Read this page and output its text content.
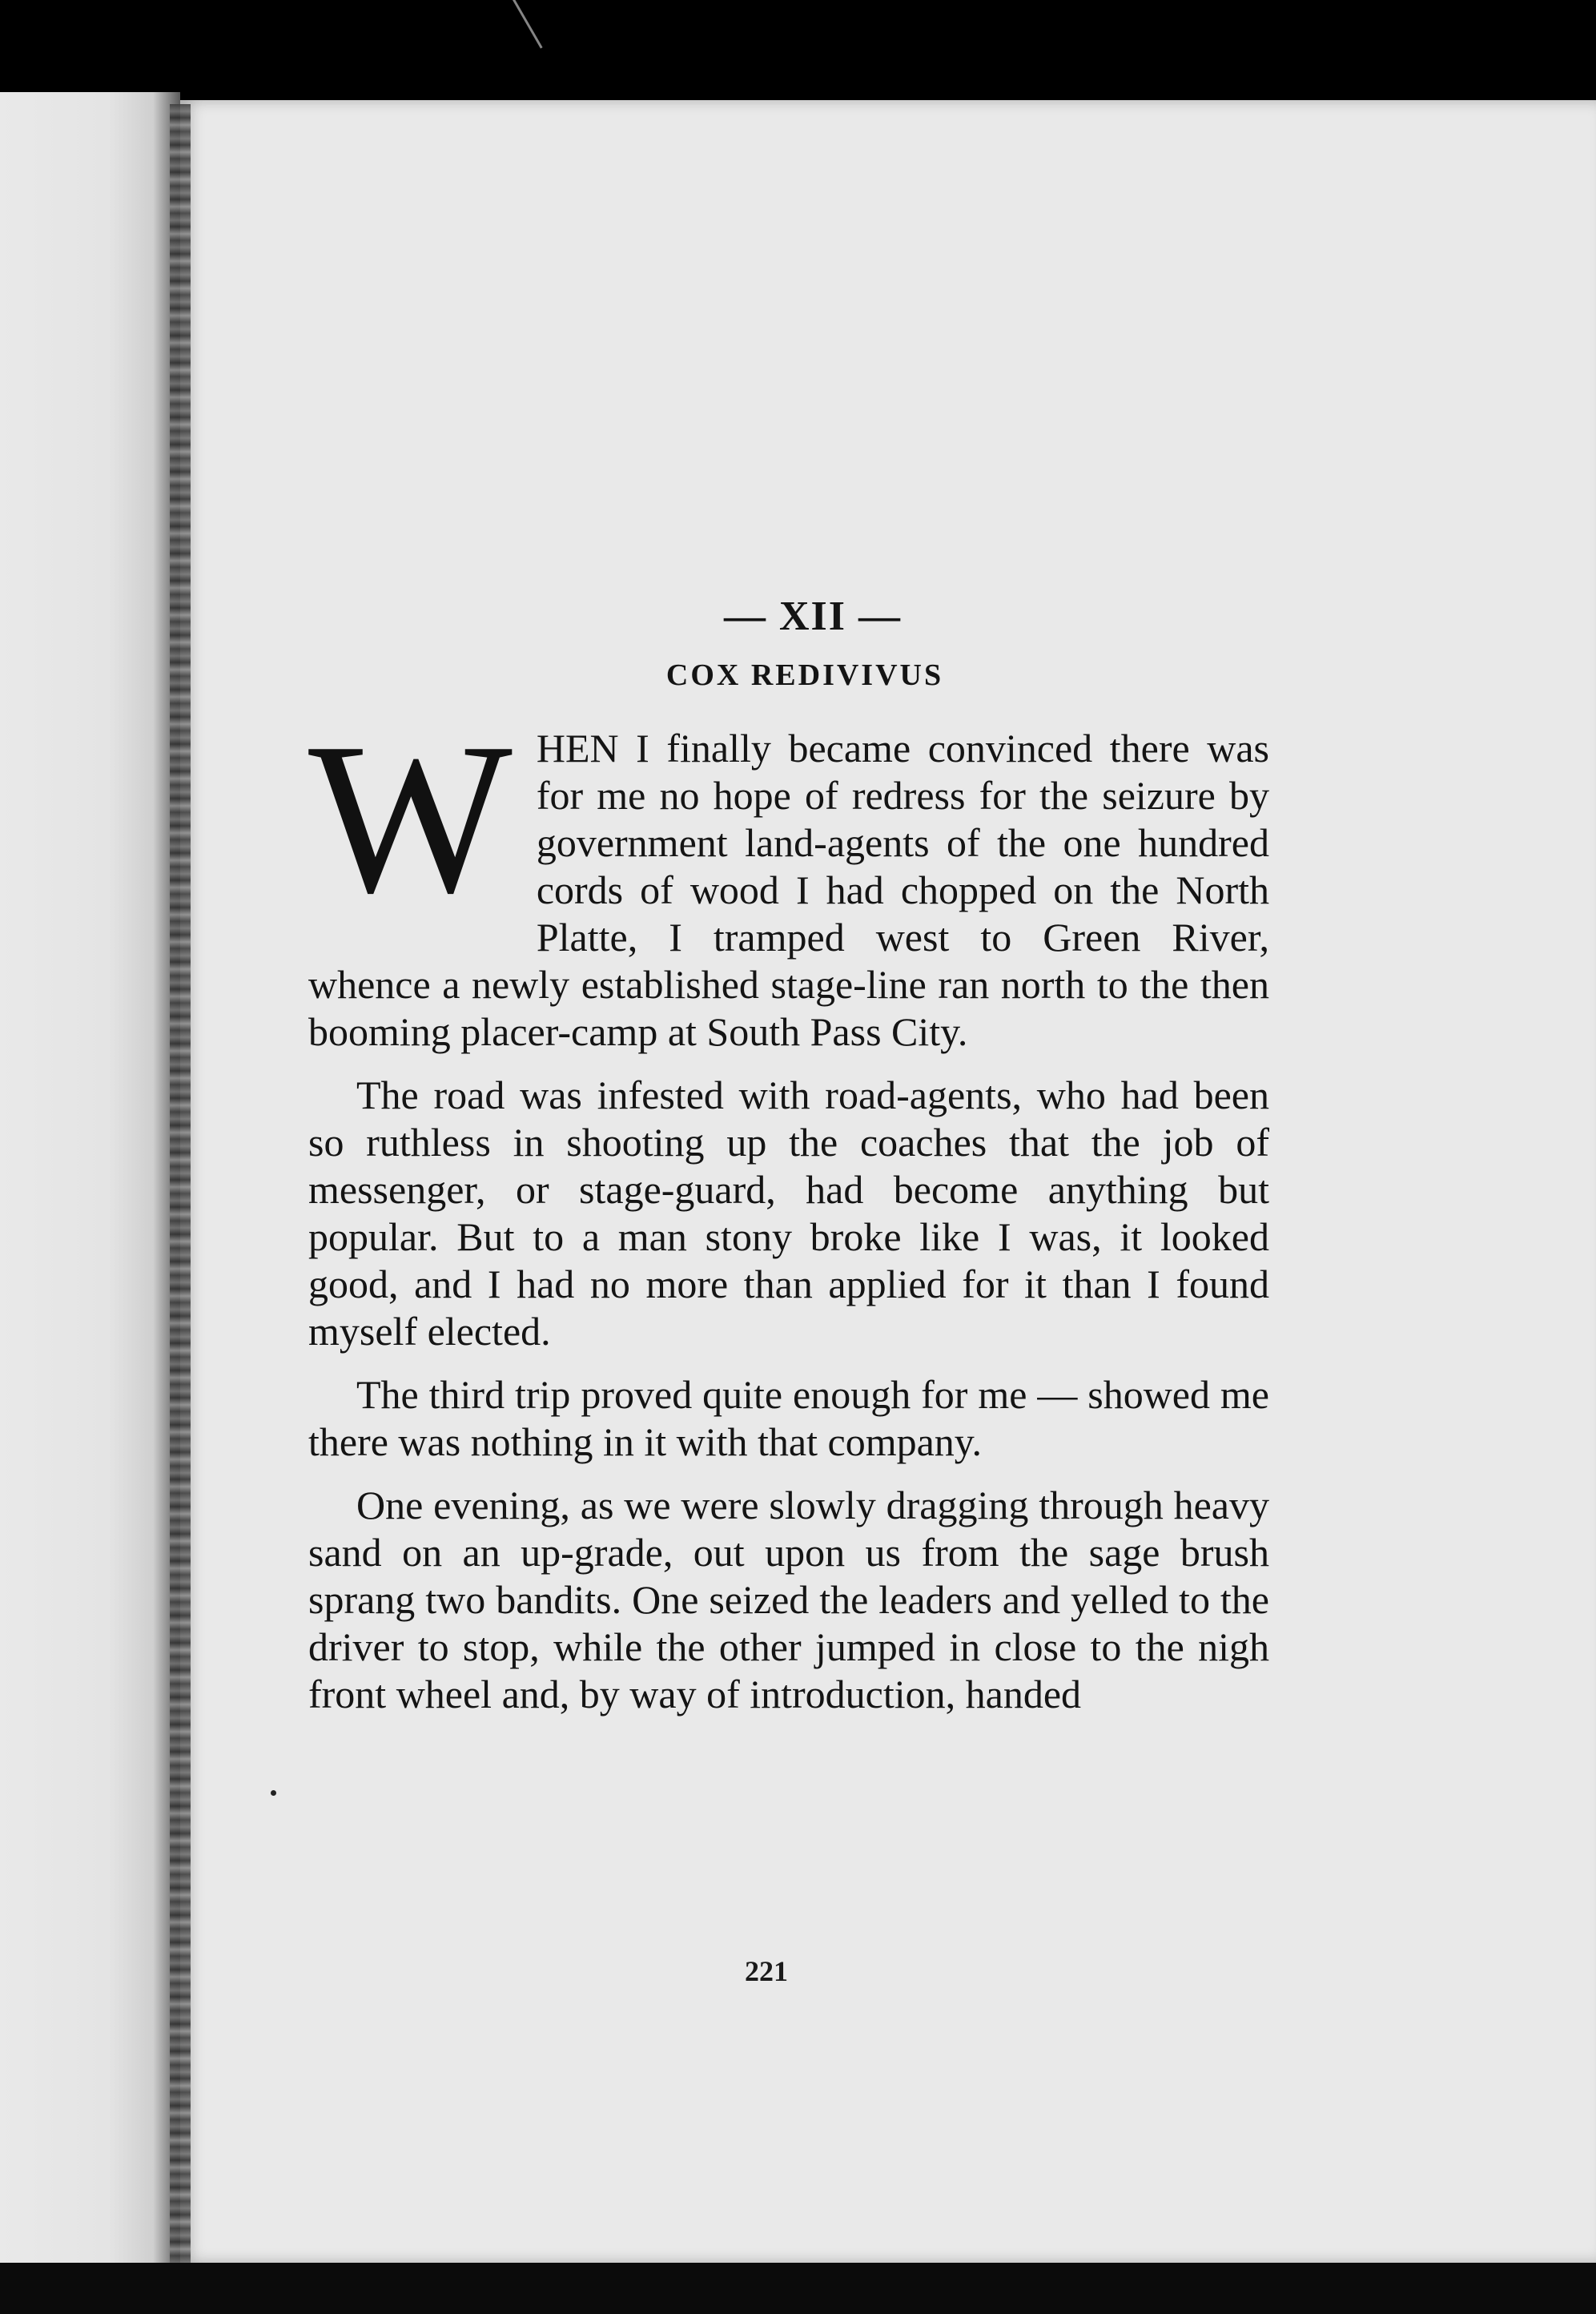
— XII —
COX REDIVIVUS

W HEN I finally became convinced there was for me no hope of redress for the seizure by government land-agents of the one hundred cords of wood I had chopped on the North Platte, I tramped west to Green River, whence a newly established stage-line ran north to the then booming placer-camp at South Pass City.

The road was infested with road-agents, who had been so ruthless in shooting up the coaches that the job of messenger, or stage-guard, had become anything but popular. But to a man stony broke like I was, it looked good, and I had no more than applied for it than I found myself elected.

The third trip proved quite enough for me — showed me there was nothing in it with that company.

One evening, as we were slowly dragging through heavy sand on an up-grade, out upon us from the sage brush sprang two bandits. One seized the leaders and yelled to the driver to stop, while the other jumped in close to the nigh front wheel and, by way of introduction, handed

221
